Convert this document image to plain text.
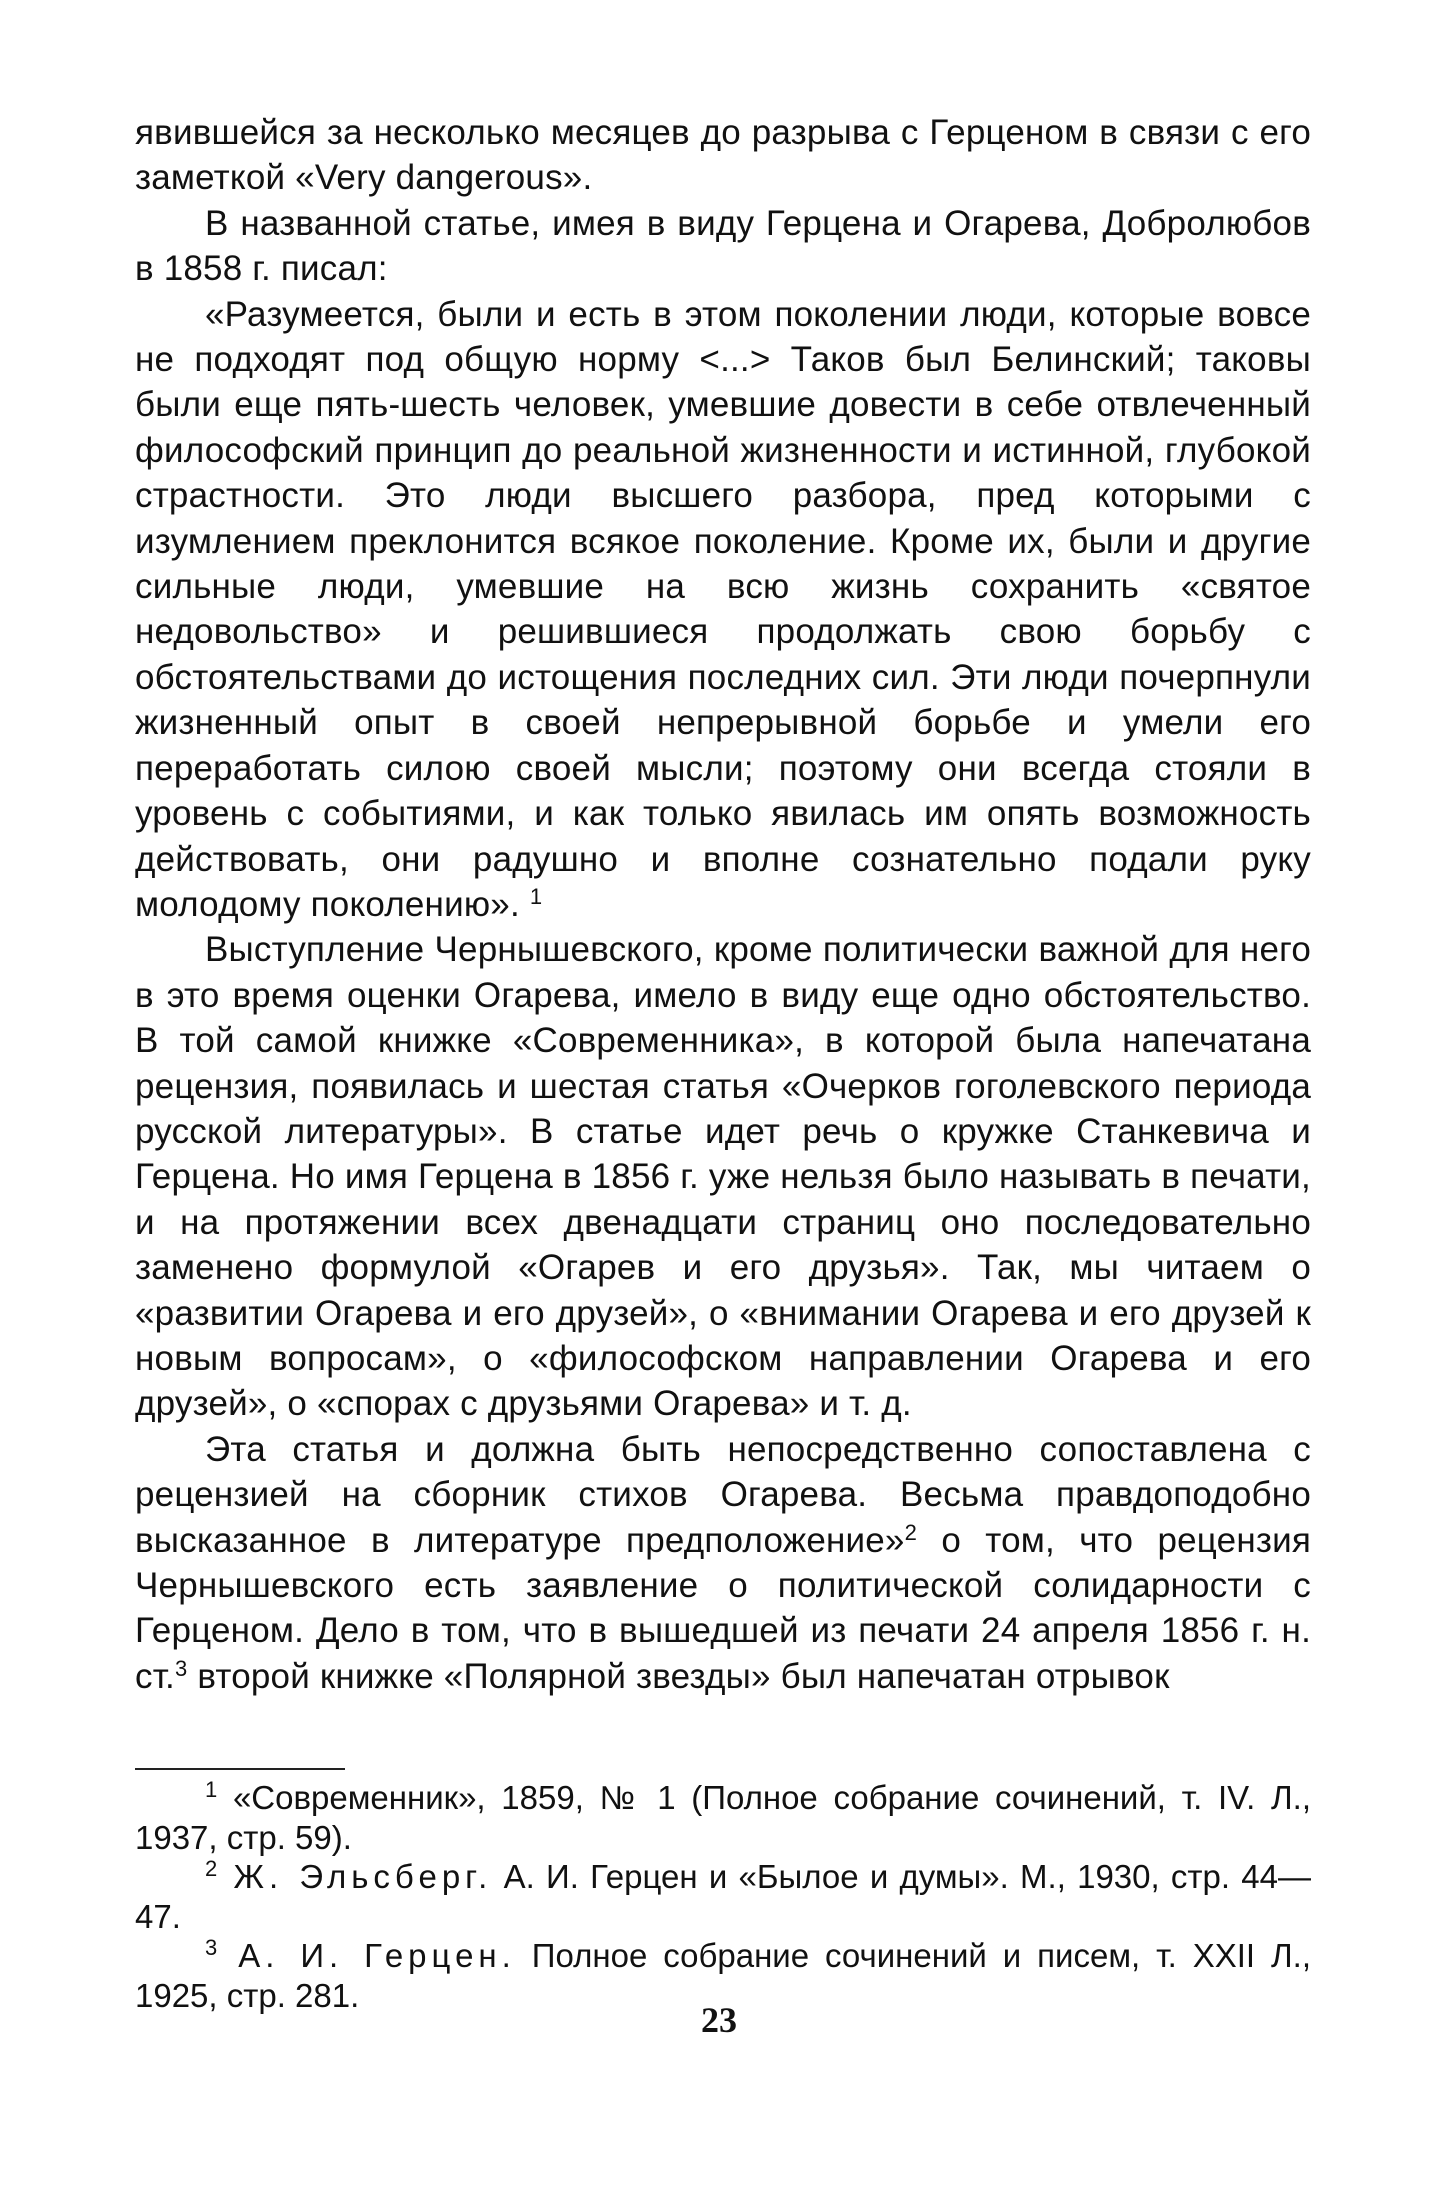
явившейся за несколько месяцев до разрыва с Герценом в связи с его заметкой «Very dangerous».

В названной статье, имея в виду Герцена и Огарева, Добролюбов в 1858 г. писал:

«Разумеется, были и есть в этом поколении люди, которые вовсе не подходят под общую норму <...> Таков был Белинский; таковы были еще пять-шесть человек, умевшие довести в себе отвлеченный философский принцип до реальной жизненности и истинной, глубокой страстности. Это люди высшего разбора, пред которыми с изумлением преклонится всякое поколение. Кроме их, были и другие сильные люди, умевшие на всю жизнь сохранить «святое недовольство» и решившиеся продолжать свою борьбу с обстоятельствами до истощения последних сил. Эти люди почерпнули жизненный опыт в своей непрерывной борьбе и умели его переработать силою своей мысли; поэтому они всегда стояли в уровень с событиями, и как только явилась им опять возможность действовать, они радушно и вполне сознательно подали руку молодому поколению». $^1$

Выступление Чернышевского, кроме политически важной для него в это время оценки Огарева, имело в виду еще одно обстоятельство. В той самой книжке «Современника», в которой была напечатана рецензия, появилась и шестая статья «Очерков гоголевского периода русской литературы». В статье идет речь о кружке Станкевича и Герцена. Но имя Герцена в 1856 г. уже нельзя было называть в печати, и на протяжении всех двенадцати страниц оно последовательно заменено формулой «Огарев и его друзья». Так, мы читаем о «развитии Огарева и его друзей», о «внимании Огарева и его друзей к новым вопросам», о «философском направлении Огарева и его друзей», о «спорах с друзьями Огарева» и т. д.

Эта статья и должна быть непосредственно сопоставлена с рецензией на сборник стихов Огарева. Весьма правдоподобно высказанное в литературе предположение»$^2$ о том, что рецензия Чернышевского есть заявление о политической солидарности с Герценом. Дело в том, что в вышедшей из печати 24 апреля 1856 г. н. ст.$^3$ второй книжке «Полярной звезды» был напечатан отрывок

$^1$ «Современник», 1859, № 1 (Полное собрание сочинений, т. IV. Л., 1937, стр. 59).

$^2$ Ж. Эльсберг. А. И. Герцен и «Былое и думы». М., 1930, стр. 44—47.

$^3$ А. И. Герцен. Полное собрание сочинений и писем, т. XXII Л., 1925, стр. 281.

23
